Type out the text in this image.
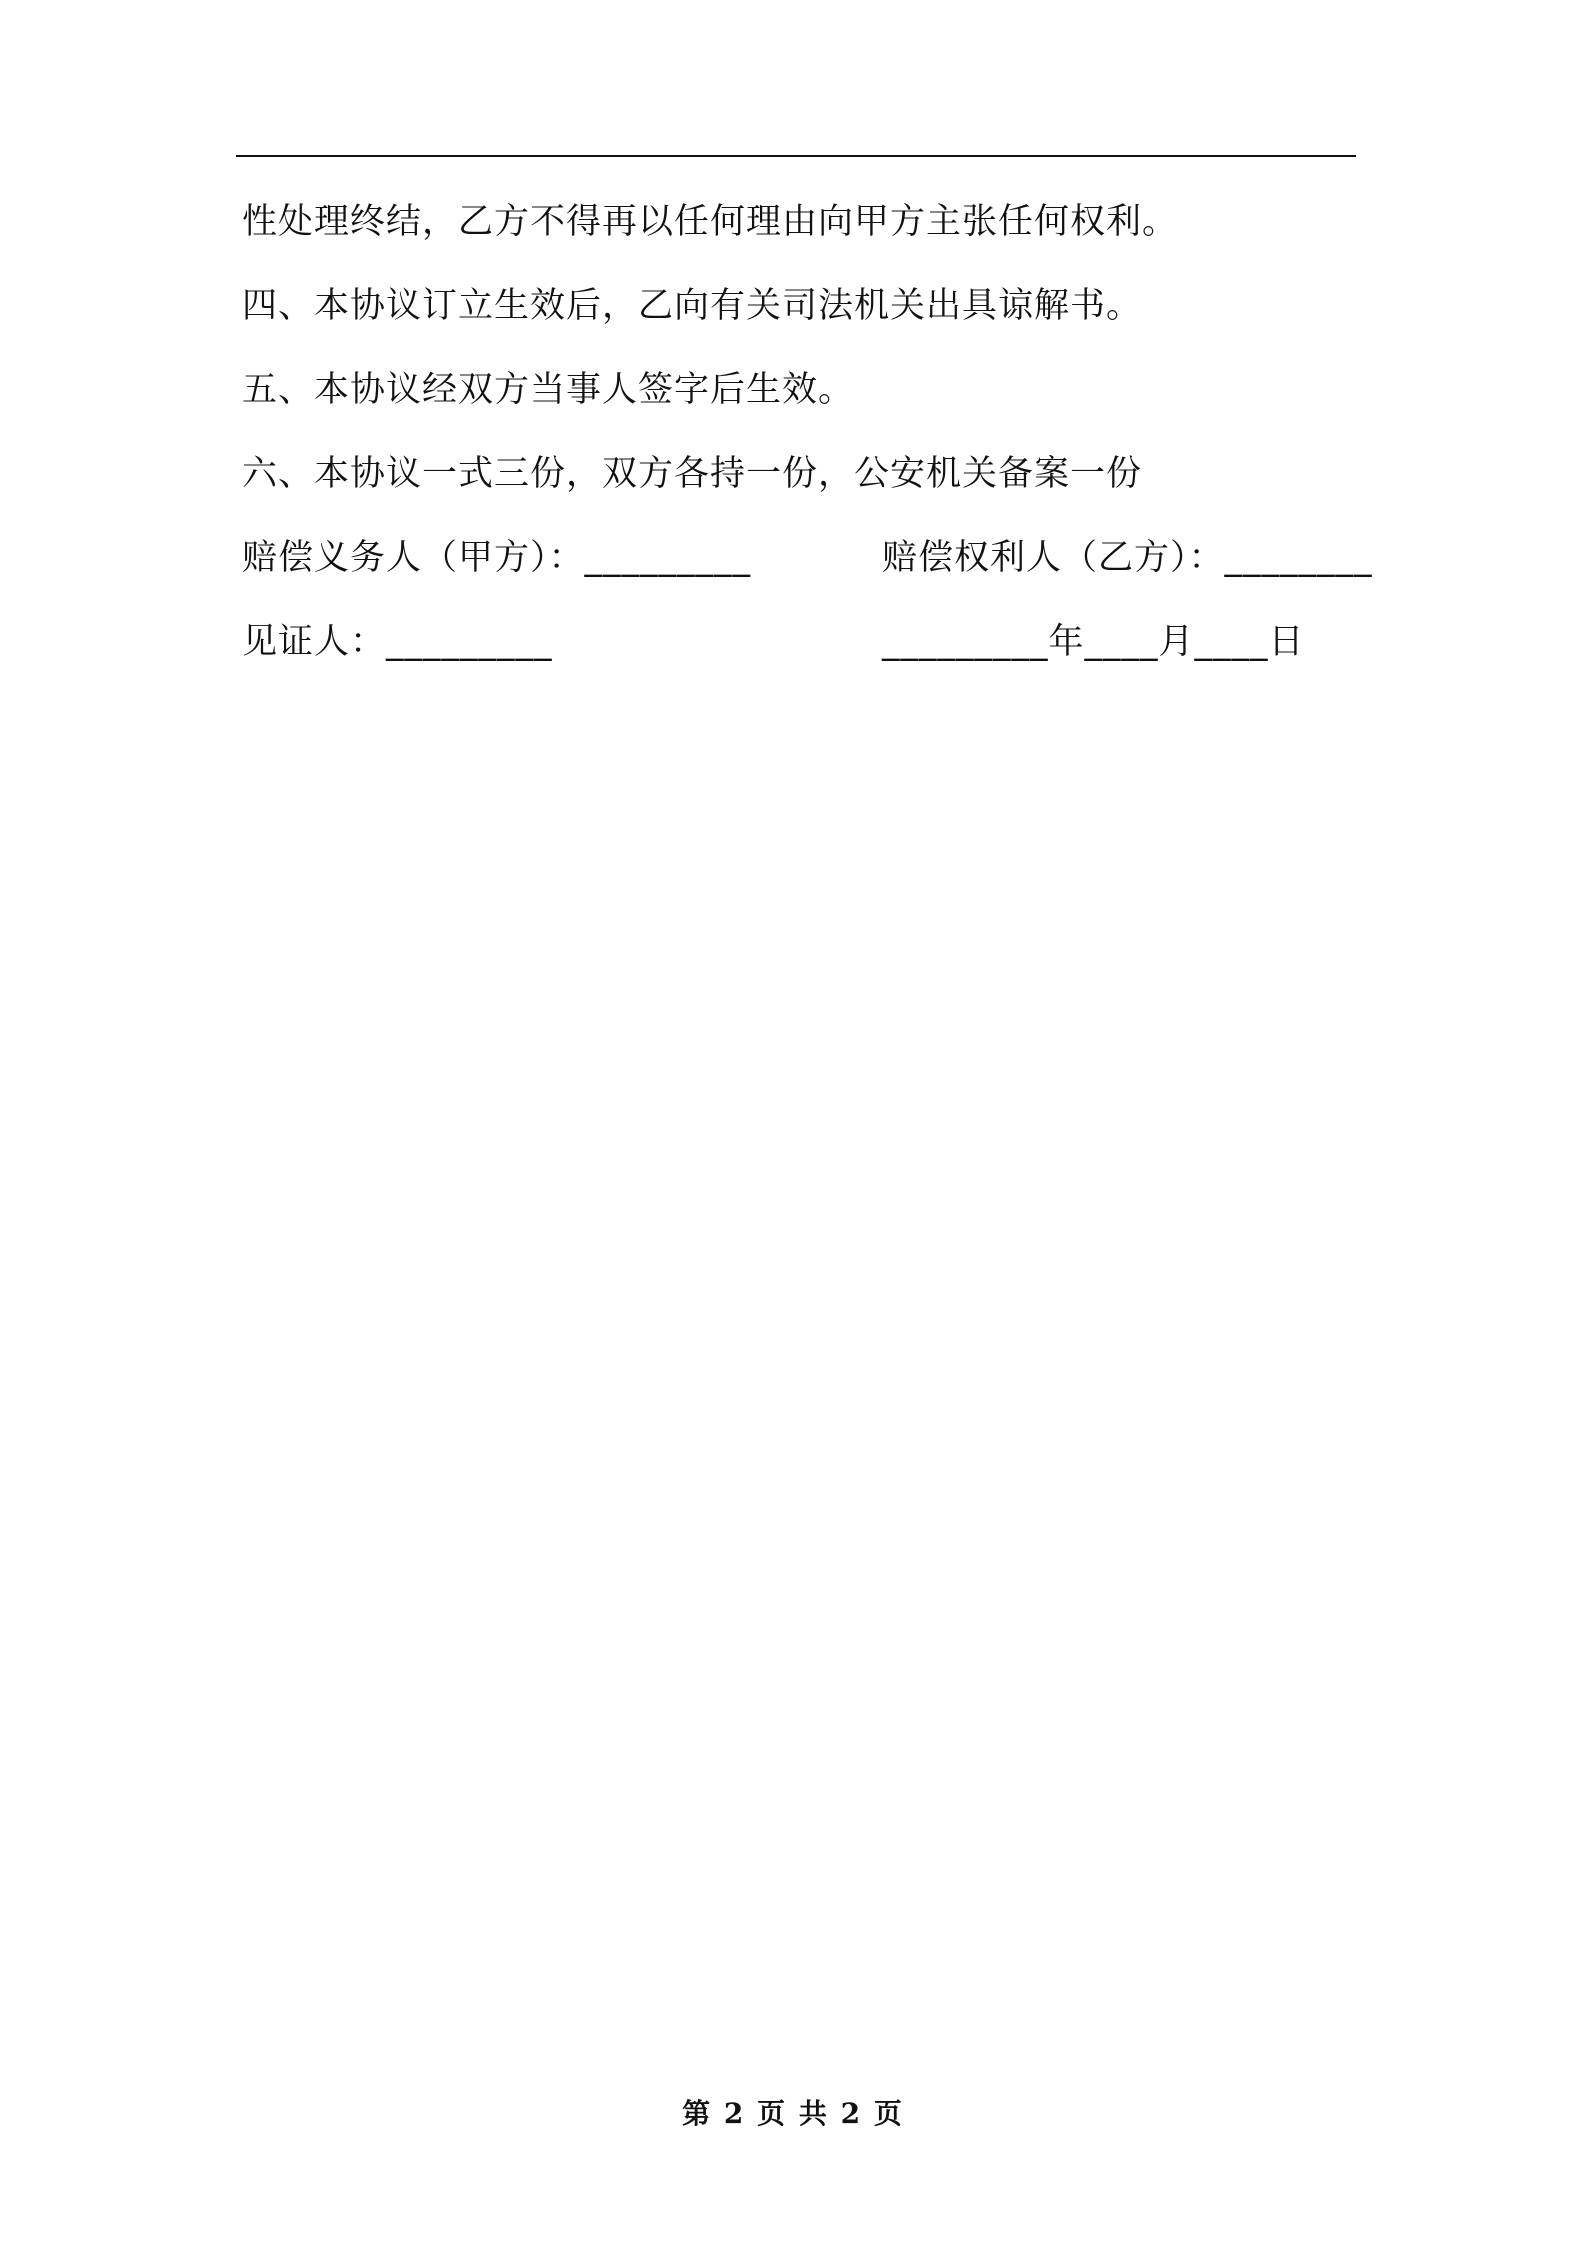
性处理终结，乙方不得再以任何理由向甲方主张任何权利。

四、本协议订立生效后，乙向有关司法机关出具谅解书。

五、本协议经双方当事人签字后生效。

六、本协议一式三份，双方各持一份，公安机关备案一份

赔偿义务人（甲方）：_________	赔偿权利人（乙方）：________
见证人：_________	_________年____月____日
第 2 页 共 2 页
